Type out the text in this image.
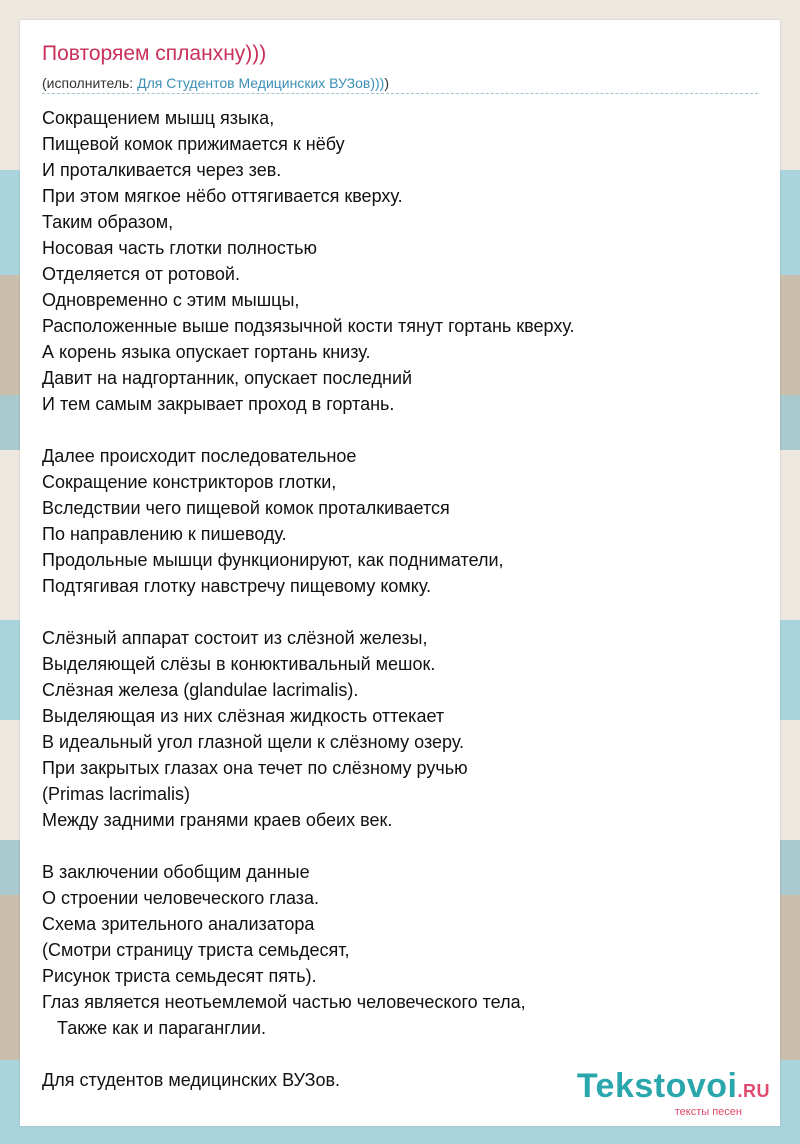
Повторяем спланхну)))
(исполнитель: Для Студентов Медицинских ВУЗов))))
Сокращением мышц языка,
Пищевой комок прижимается к нёбу
И проталкивается через зев.
При этом мягкое нёбо оттягивается кверху.
Таким образом,
Носовая часть глотки полностью
Отделяется от ротовой.
Одновременно с этим мышцы,
Расположенные выше подзязычной кости тянут гортань кверху.
А корень языка опускает гортань книзу.
Давит на надгортанник, опускает последний
И тем самым закрывает проход в гортань.
Далее происходит последовательное
Сокращение констрикторов глотки,
Вследствии чего пищевой комок проталкивается
По направлению к пишеводу.
Продольные мышци функционируют, как подниматели,
Подтягивая глотку навстречу пищевому комку.
Слёзный аппарат состоит из слёзной железы,
Выделяющей слёзы в конюктивальный мешок.
Слёзная железа (glandulae lacrimalis).
Выделяющая из них слёзная жидкость оттекает
В идеальный угол глазной щели к слёзному озеру.
При закрытых глазах она течет по слёзному ручью
(Primas lacrimalis)
Между задними гранями краев обеих век.
В заключении обобщим данные
О строении человеческого глаза.
Схема зрительного анализатора
(Смотри страницу триста семьдесят,
Рисунок триста семьдесят пять).
Глаз является неотьемлемой частью человеческого тела,
Также как и параганглии.
Для студентов медицинских ВУЗов.	Tekstovoi.RU
тексты песен
